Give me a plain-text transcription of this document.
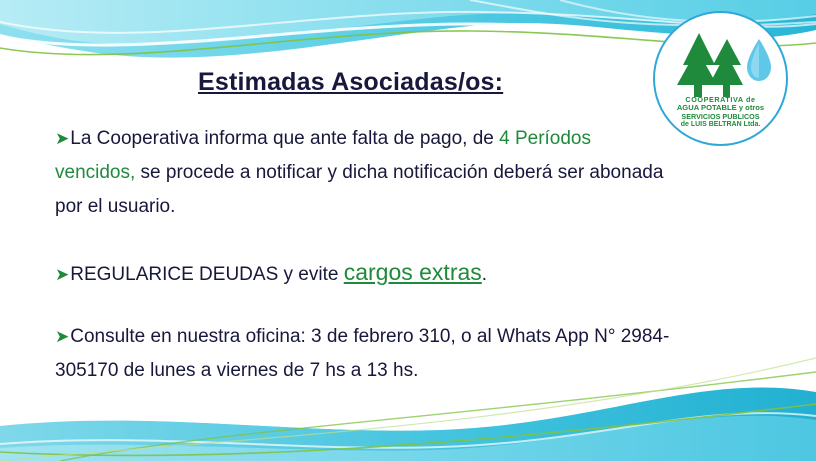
COOPERATIVA de
AGUA POTABLE y otros
SERVICIOS PUBLICOS
de LUIS BELTRAN Ltda.
Estimadas Asociadas/os:
➤La Cooperativa informa que ante falta de pago, de 4 Períodos vencidos, se procede a notificar y dicha notificación deberá ser abonada por el usuario.
➤REGULARICE DEUDAS y evite cargos extras.
➤Consulte en nuestra oficina: 3 de febrero 310, o al Whats App N° 2984-305170 de lunes a viernes de 7 hs a 13 hs.
